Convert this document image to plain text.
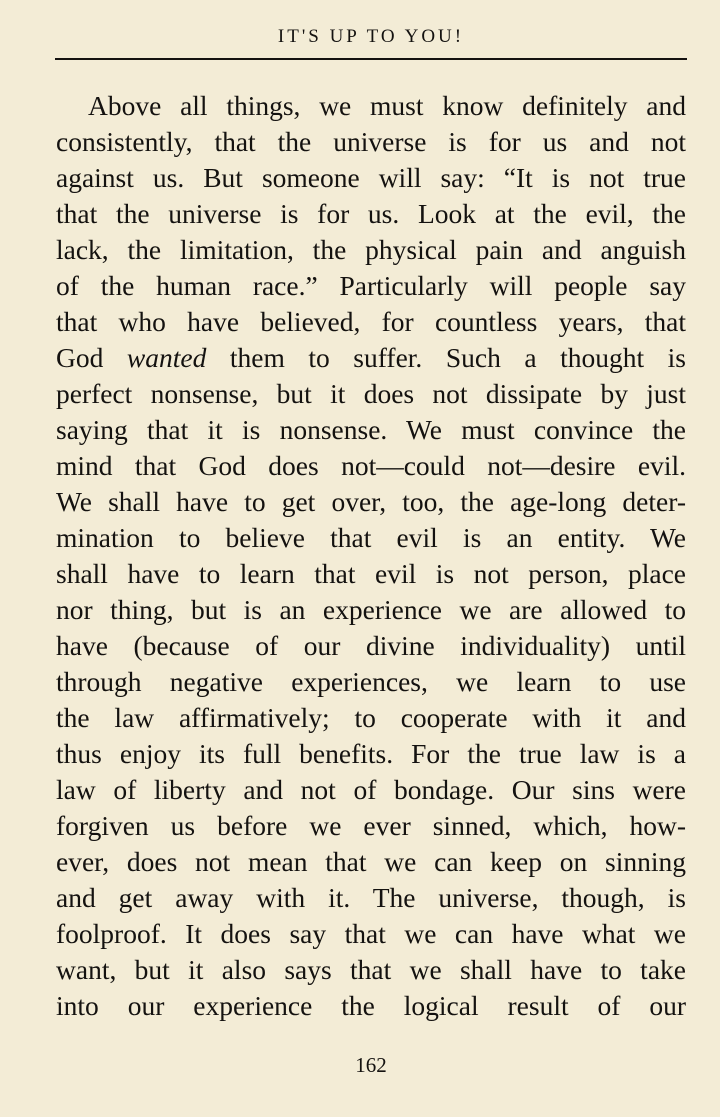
IT'S UP TO YOU!
Above all things, we must know definitely and
consistently, that the universe is for us and not
against us. But someone will say: “It is not true
that the universe is for us. Look at the evil, the
lack, the limitation, the physical pain and anguish
of the human race.” Particularly will people say
that who have believed, for countless years, that
God wanted them to suffer. Such a thought is
perfect nonsense, but it does not dissipate by just
saying that it is nonsense. We must convince the
mind that God does not—could not—desire evil.
We shall have to get over, too, the age-long deter-
mination to believe that evil is an entity. We
shall have to learn that evil is not person, place
nor thing, but is an experience we are allowed to
have (because of our divine individuality) until
through negative experiences, we learn to use
the law affirmatively; to cooperate with it and
thus enjoy its full benefits. For the true law is a
law of liberty and not of bondage. Our sins were
forgiven us before we ever sinned, which, how-
ever, does not mean that we can keep on sinning
and get away with it. The universe, though, is
foolproof. It does say that we can have what we
want, but it also says that we shall have to take
into our experience the logical result of our
162
